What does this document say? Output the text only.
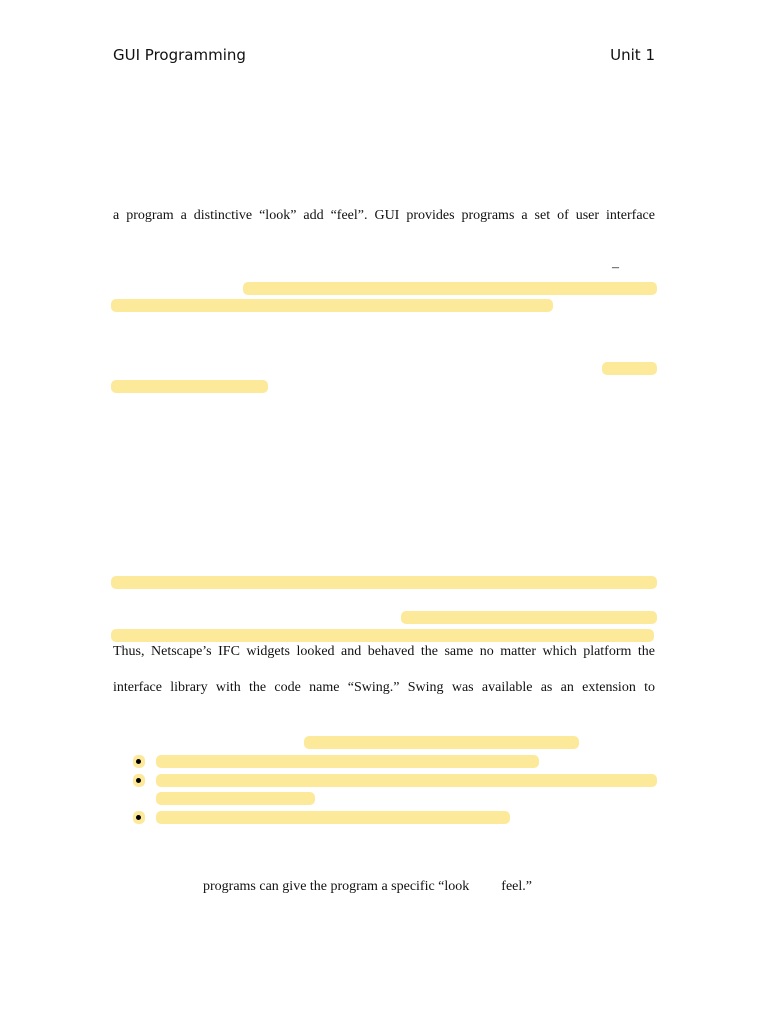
GUI Programming	Unit 1
a program a distinctive “look” add “feel”. GUI provides programs a set of user interface
–
Thus, Netscape’s IFC widgets looked and behaved the same no matter which platform the
interface library with the code name “Swing.” Swing was available as an extension to
programs can give the program a specific “look feel.”
